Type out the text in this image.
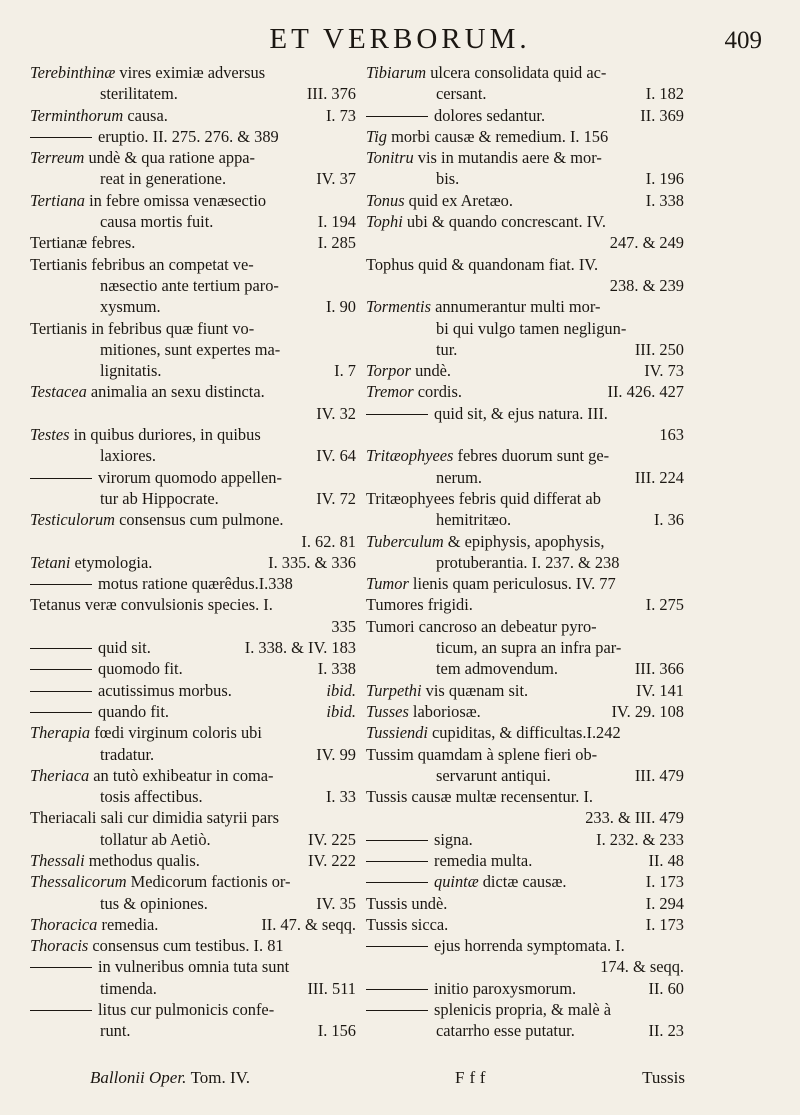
ET VERBORUM.	409
Terebinthinæ vires eximiæ adversus
sterilitatem.	III. 376
Terminthorum causa.	I. 73
eruptio. II. 275. 276. & 389
Terreum undè & qua ratione appa-
reat in generatione.	IV. 37
Tertiana in febre omissa venæsectio
causa mortis fuit.	I. 194
Tertianæ febres.	I. 285
Tertianis febribus an competat ve-
næsectio ante tertium paro-
xysmum.	I. 90
Tertianis in febribus quæ fiunt vo-
mitiones, sunt expertes ma-
lignitatis.	I. 7
Testacea animalia an sexu distincta.
IV. 32
Testes in quibus duriores, in quibus
laxiores.	IV. 64
virorum quomodo appellen-
tur ab Hippocrate.	IV. 72
Testiculorum consensus cum pulmone.
I. 62. 81
Tetani etymologia.	I. 335. & 336
motus ratione quærêdus.I.338
Tetanus veræ convulsionis species. I.
335
quid sit.	I. 338. & IV. 183
quomodo fit.	I. 338
acutissimus morbus.	ibid.
quando fit.	ibid.
Therapia fœdi virginum coloris ubi
tradatur.	IV. 99
Theriaca an tutò exhibeatur in coma-
tosis affectibus.	I. 33
Theriacali sali cur dimidia satyrii pars
tollatur ab Aetiò.	IV. 225
Thessali methodus qualis.	IV. 222
Thessalicorum Medicorum factionis or-
tus & opiniones.	IV. 35
Thoracica remedia.	II. 47. & seqq.
Thoracis consensus cum testibus. I. 81
in vulneribus omnia tuta sunt
timenda.	III. 511
litus cur pulmonicis confe-
runt.	I. 156
Tibiarum ulcera consolidata quid ac-
cersant.	I. 182
dolores sedantur.	II. 369
Tig morbi causæ & remedium. I. 156
Tonitru vis in mutandis aere & mor-
bis.	I. 196
Tonus quid ex Aretæo.	I. 338
Tophi ubi & quando concrescant. IV.
247. & 249
Tophus quid & quandonam fiat. IV.
238. & 239
Tormentis annumerantur multi mor-
bi qui vulgo tamen negligun-
tur.	III. 250
Torpor undè.	IV. 73
Tremor cordis.	II. 426. 427
quid sit, & ejus natura. III.
163
Tritæophyees febres duorum sunt ge-
nerum.	III. 224
Tritæophyees febris quid differat ab
hemitritæo.	I. 36
Tuberculum & epiphysis, apophysis,
protuberantia. I. 237. & 238
Tumor lienis quam periculosus. IV. 77
Tumores frigidi.	I. 275
Tumori cancroso an debeatur pyro-
ticum, an supra an infra par-
tem admovendum.	III. 366
Turpethi vis quænam sit.	IV. 141
Tusses laboriosæ.	IV. 29. 108
Tussiendi cupiditas, & difficultas.I.242
Tussim quamdam à splene fieri ob-
servarunt antiqui.	III. 479
Tussis causæ multæ recensentur. I.
233. & III. 479
signa.	I. 232. & 233
remedia multa.	II. 48
quintæ dictæ causæ.	I. 173
Tussis undè.	I. 294
Tussis sicca.	I. 173
ejus horrenda symptomata. I.
174. & seqq.
initio paroxysmorum.	II. 60
splenicis propria, & malè à
catarrho esse putatur.	II. 23
Ballonii Oper. Tom. IV.	Fff	Tussis
